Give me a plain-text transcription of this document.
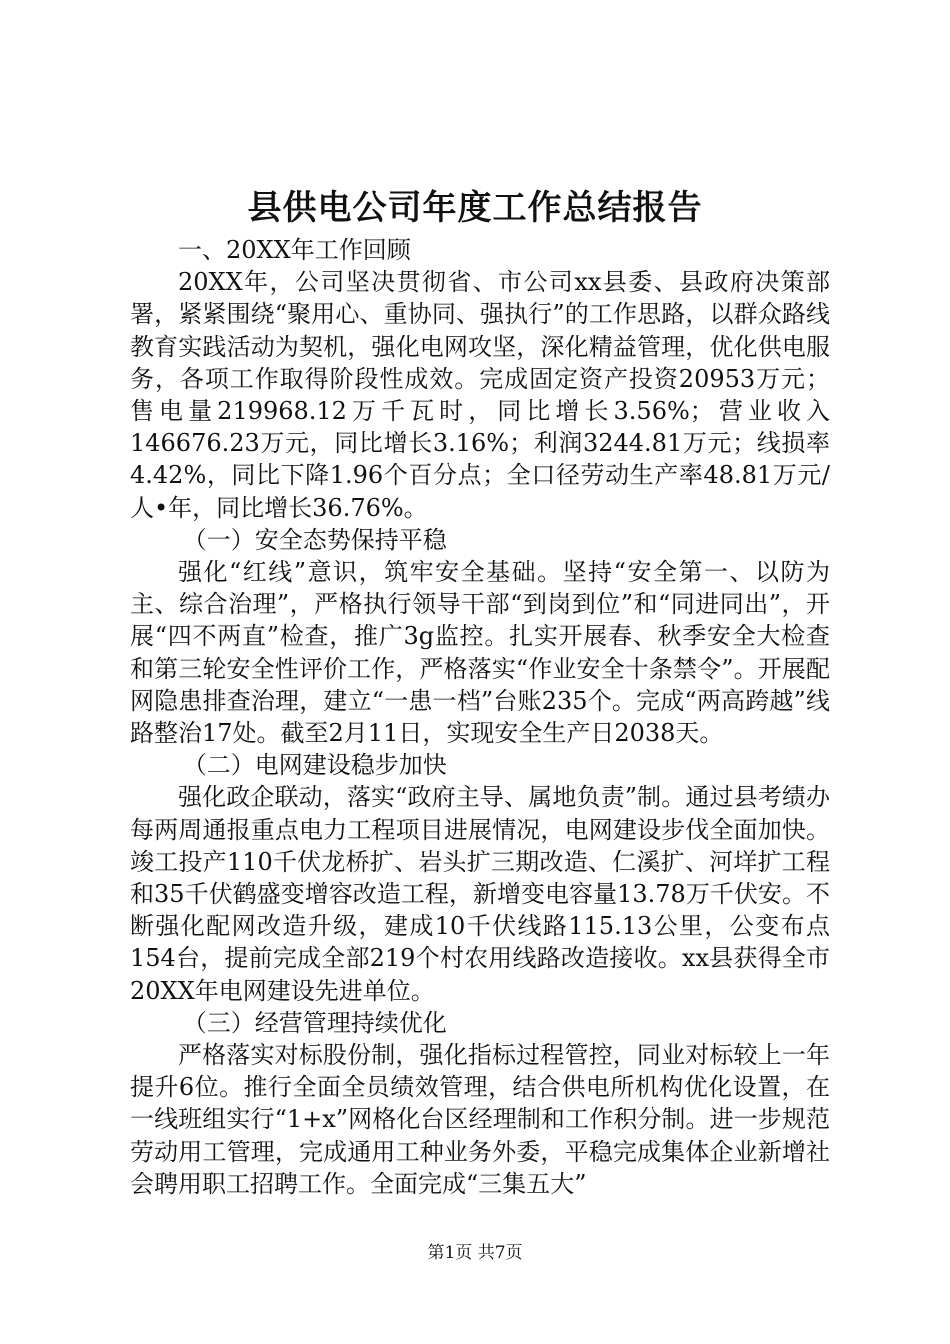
县供电公司年度工作总结报告

一、20XX年工作回顾

20XX年，公司坚决贯彻省、市公司xx县委、县政府决策部署，紧紧围绕“聚用心、重协同、强执行”的工作思路，以群众路线教育实践活动为契机，强化电网攻坚，深化精益管理，优化供电服务，各项工作取得阶段性成效。完成固定资产投资20953万元；售电量219968.12万千瓦时，同比增长3.56%；营业收入146676.23万元，同比增长3.16%；利润3244.81万元；线损率4.42%，同比下降1.96个百分点；全口径劳动生产率48.81万元/人•年，同比增长36.76%。

（一）安全态势保持平稳

强化“红线”意识，筑牢安全基础。坚持“安全第一、以防为主、综合治理”，严格执行领导干部“到岗到位”和“同进同出”，开展“四不两直”检查，推广3g监控。扎实开展春、秋季安全大检查和第三轮安全性评价工作，严格落实“作业安全十条禁令”。开展配网隐患排查治理，建立“一患一档”台账235个。完成“两高跨越”线路整治17处。截至2月11日，实现安全生产日2038天。

（二）电网建设稳步加快

强化政企联动，落实“政府主导、属地负责”制。通过县考绩办每两周通报重点电力工程项目进展情况，电网建设步伐全面加快。竣工投产110千伏龙桥扩、岩头扩三期改造、仁溪扩、河垟扩工程和35千伏鹤盛变增容改造工程，新增变电容量13.78万千伏安。不断强化配网改造升级，建成10千伏线路115.13公里，公变布点154台，提前完成全部219个村农用线路改造接收。xx县获得全市20XX年电网建设先进单位。

（三）经营管理持续优化

严格落实对标股份制，强化指标过程管控，同业对标较上一年提升6位。推行全面全员绩效管理，结合供电所机构优化设置，在一线班组实行“1+x”网格化台区经理制和工作积分制。进一步规范劳动用工管理，完成通用工种业务外委，平稳完成集体企业新增社会聘用职工招聘工作。全面完成“三集五大”

第1页 共7页
